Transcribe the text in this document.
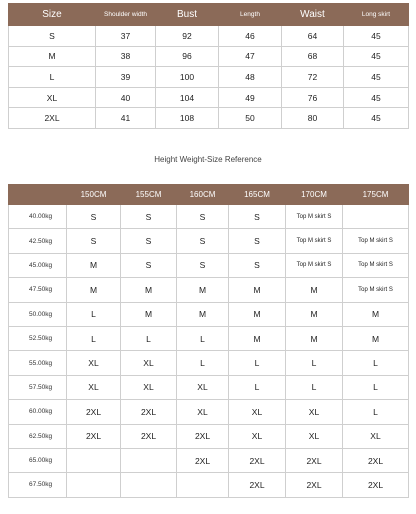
Size	Shoulder width	Bust	Length	Waist	Long skirt
S	37	92	46	64	45
M	38	96	47	68	45
L	39	100	48	72	45
XL	40	104	49	76	45
2XL	41	108	50	80	45
Height Weight-Size Reference
	150CM	155CM	160CM	165CM	170CM	175CM
40.00kg	S	S	S	S	Top M skirt S	
42.50kg	S	S	S	S	Top M skirt S	Top M skirt S
45.00kg	M	S	S	S	Top M skirt S	Top M skirt S
47.50kg	M	M	M	M	M	Top M skirt S
50.00kg	L	M	M	M	M	M
52.50kg	L	L	L	M	M	M
55.00kg	XL	XL	L	L	L	L
57.50kg	XL	XL	XL	L	L	L
60.00kg	2XL	2XL	XL	XL	XL	L
62.50kg	2XL	2XL	2XL	XL	XL	XL
65.00kg			2XL	2XL	2XL	2XL
67.50kg				2XL	2XL	2XL
